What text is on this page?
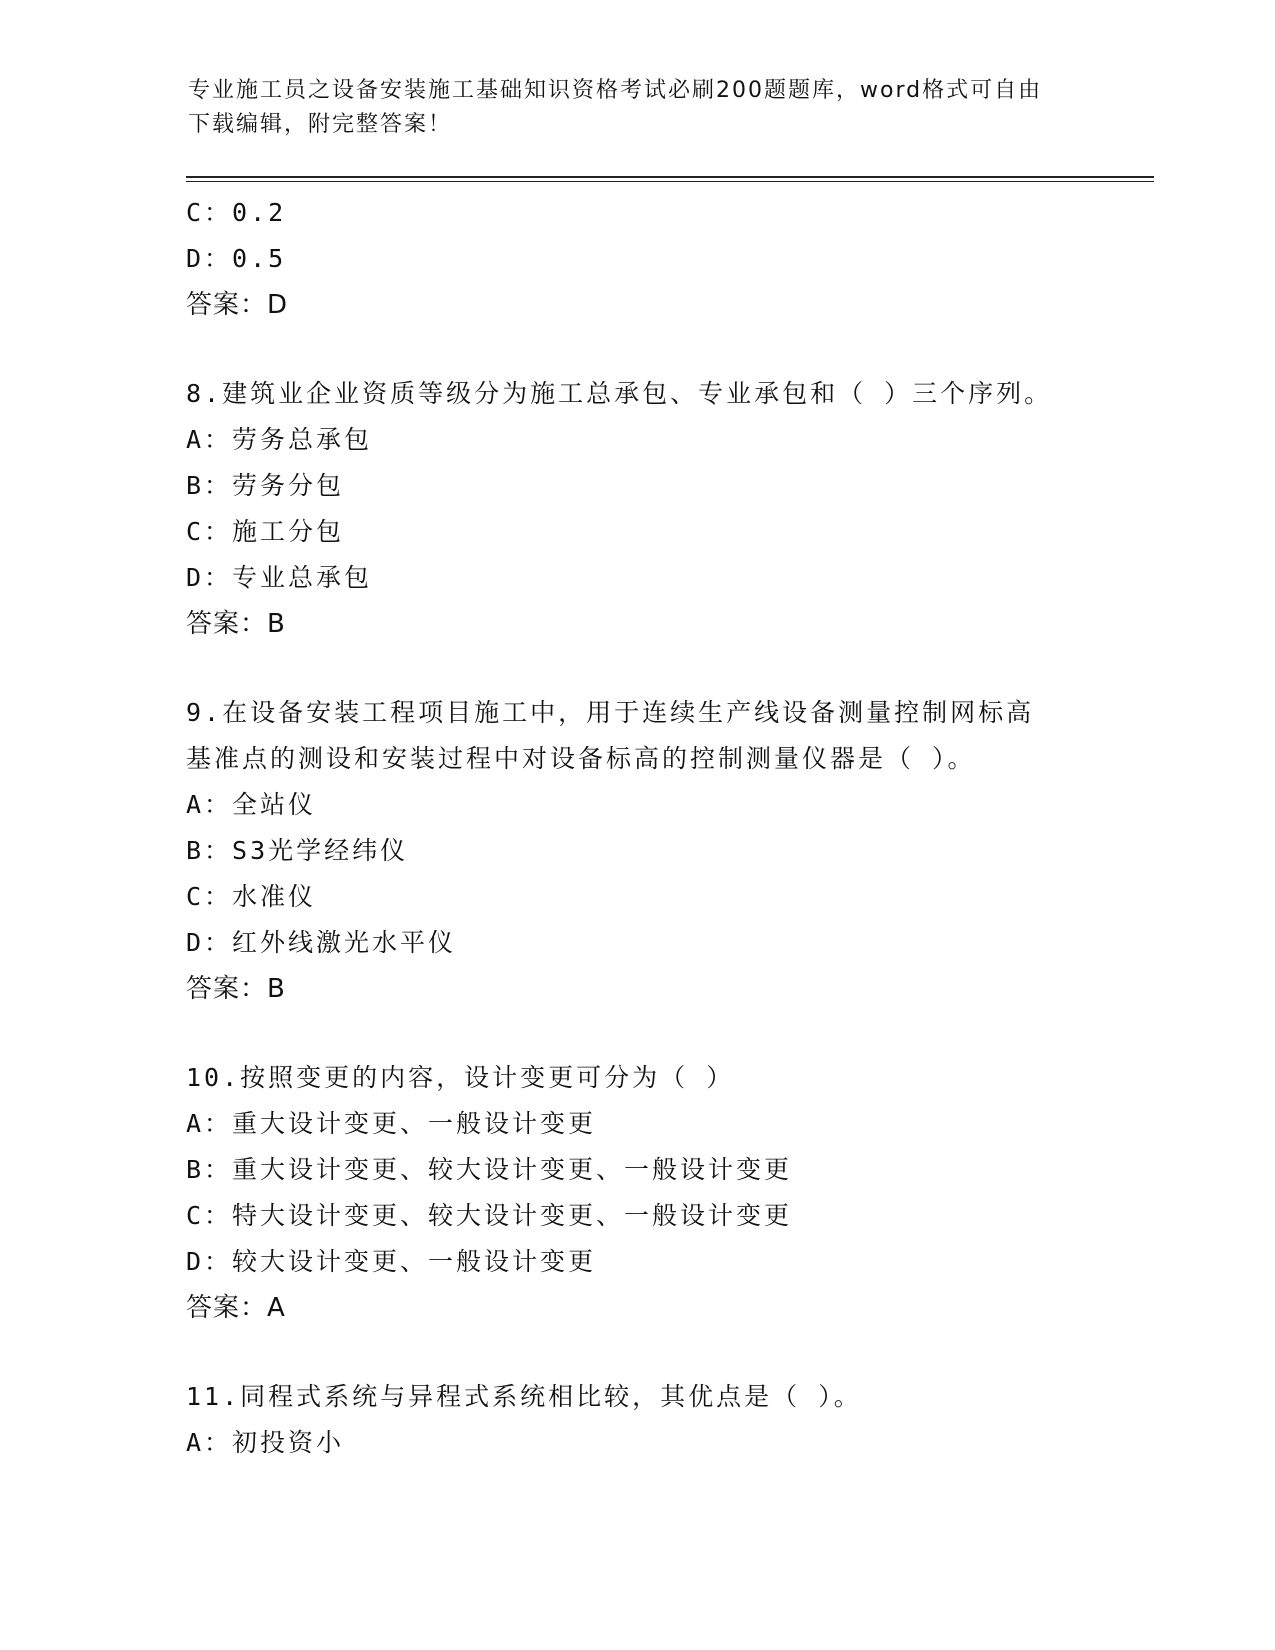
专业施工员之设备安装施工基础知识资格考试必刷200题题库，word格式可自由
下载编辑，附完整答案！
C：0.2
D：0.5
答案：D
8.建筑业企业资质等级分为施工总承包、专业承包和（ ）三个序列。
A：劳务总承包
B：劳务分包
C：施工分包
D：专业总承包
答案：B
9.在设备安装工程项目施工中，用于连续生产线设备测量控制网标高
基准点的测设和安装过程中对设备标高的控制测量仪器是（ ）。
A：全站仪
B：S3光学经纬仪
C：水准仪
D：红外线激光水平仪
答案：B
10.按照变更的内容，设计变更可分为（ ）
A：重大设计变更、一般设计变更
B：重大设计变更、较大设计变更、一般设计变更
C：特大设计变更、较大设计变更、一般设计变更
D：较大设计变更、一般设计变更
答案：A
11.同程式系统与异程式系统相比较，其优点是（ ）。
A：初投资小
